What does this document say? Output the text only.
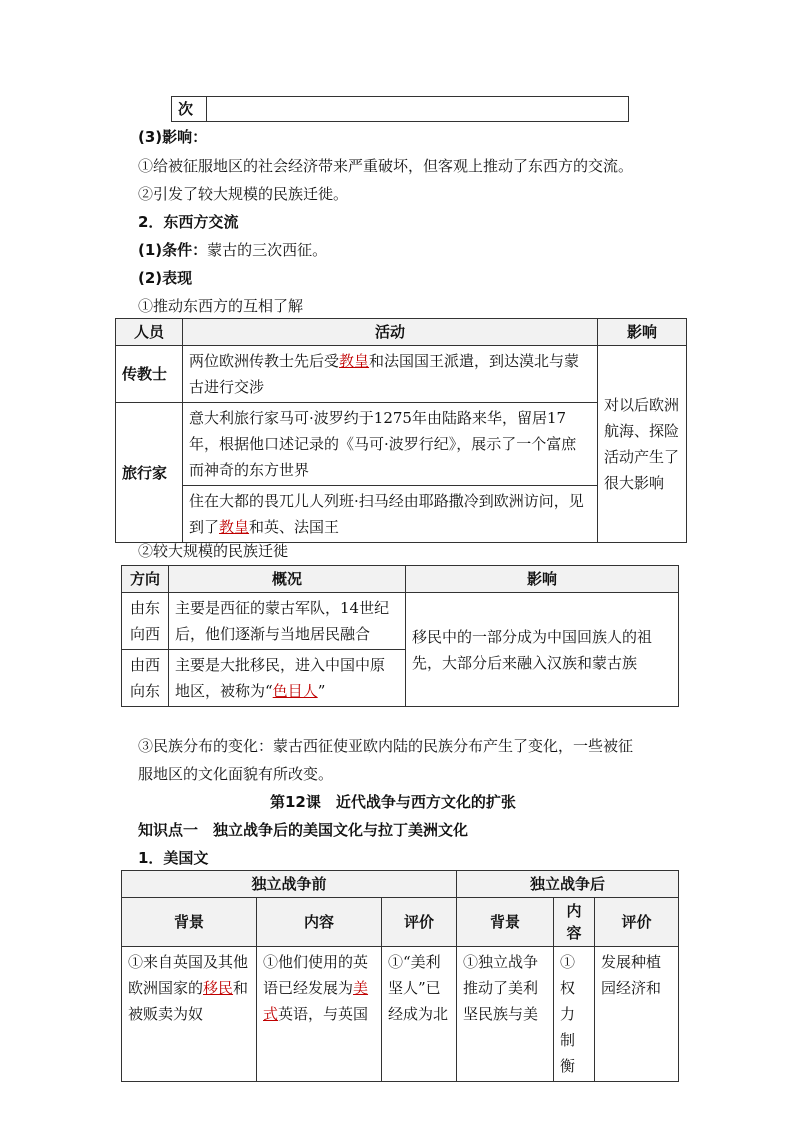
次	
(3)影响：
①给被征服地区的社会经济带来严重破坏，但客观上推动了东西方的交流。
②引发了较大规模的民族迁徙。
2．东西方交流
(1)条件：蒙古的三次西征。
(2)表现
①推动东西方的互相了解
人员	活动	影响
传教士	两位欧洲传教士先后受教皇和法国国王派遣，到达漠北与蒙古进行交涉	对以后欧洲航海、探险活动产生了很大影响
旅行家	意大利旅行家马可·波罗约于1275年由陆路来华，留居17年，根据他口述记录的《马可·波罗行纪》，展示了一个富庶而神奇的东方世界	
	住在大都的畏兀儿人列班·扫马经由耶路撒冷到欧洲访问，见到了教皇和英、法国王	
②较大规模的民族迁徙
方向	概况	影响
由东向西	主要是西征的蒙古军队，14世纪后，他们逐渐与当地居民融合	移民中的一部分成为中国回族人的祖先，大部分后来融入汉族和蒙古族
由西向东	主要是大批移民，进入中国中原地区，被称为“色目人”	
③民族分布的变化：蒙古西征使亚欧内陆的民族分布产生了变化，一些被征
服地区的文化面貌有所改变。
第12课　近代战争与西方文化的扩张
知识点一　独立战争后的美国文化与拉丁美洲文化
1．美国文
独立战争前			独立战争后		
背景	内容	评价	背景	内容	评价
①来自英国及其他欧洲国家的移民和被贩卖为奴	①他们使用的英语已经发展为美式英语，与英国	①“美利坚人”已经成为北	①独立战争推动了美利坚民族与美	①权力制衡	发展种植园经济和
